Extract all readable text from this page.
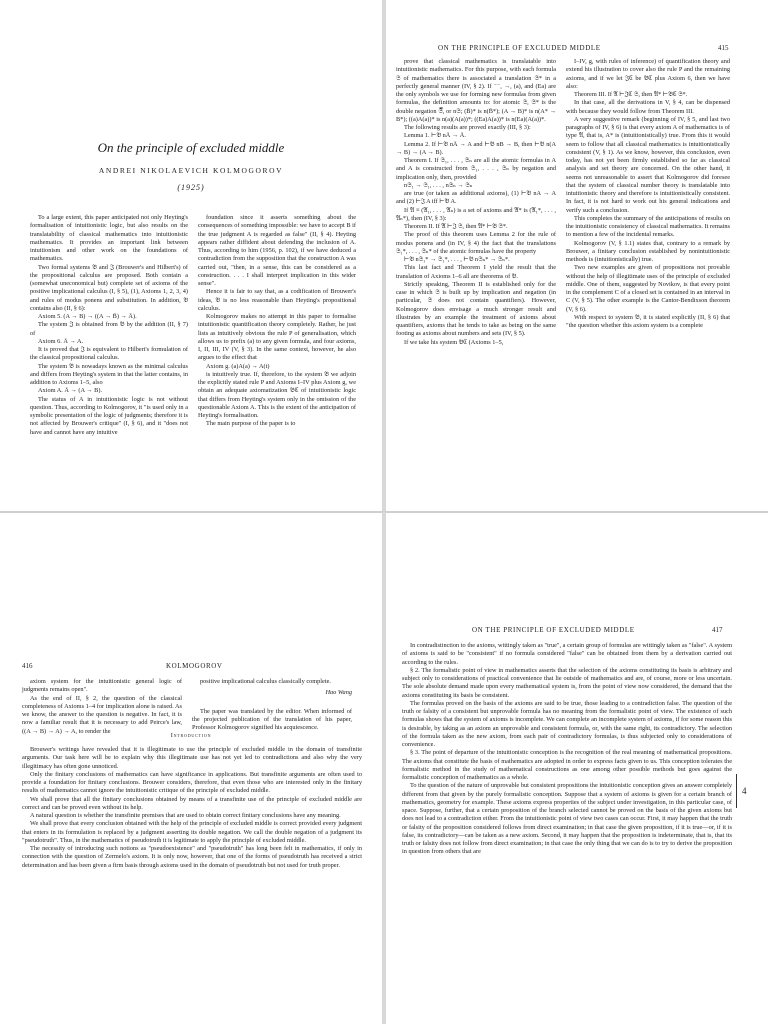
On the principle of excluded middle
ANDREI NIKOLAEVICH KOLMOGOROV
(1925)

To a large extent, this paper anticipated not only Heyting's formalisation of intuitionistic logic, but also results on the translatability of classical mathematics into intuitionistic mathematics. It provides an important link between intuitionism and other work on the foundations of mathematics.

Two formal systems 𝔅 and 𝔍 (Brouwer's and Hilbert's) of the propositional calculus are proposed. Both contain a (somewhat uneconomical but) complete set of axioms of the positive implicational calculus (I, § 5), (1), Axioms 1, 2, 3, 4) and rules of modus ponens and substitution. In addition, 𝔅 contains also (II, § 6):

Axiom 5. (A → B) → ((A → B̄) → Ā).

The system 𝔍 is obtained from 𝔅 by the addition (II, § 7) of

Axiom 6. Ā → A.

It is proved that 𝔍 is equivalent to Hilbert's formulation of the classical propositional calculus.

The system 𝔅 is nowadays known as the minimal calculus and differs from Heyting's system in that the latter contains, in addition to Axioms 1–5, also

Axiom A. Ā → (A → B).

The status of A in intuitionistic logic is not without question. Thus, according to Kolmogorov, it "is used only in a symbolic presentation of the logic of judgments; therefore it is not affected by Brouwer's critique" (I, § 6), and it "does not have and cannot have any intuitive

foundation since it asserts something about the consequences of something impossible: we have to accept B if the true judgment A is regarded as false" (II, § 4). Heyting appears rather diffident about defending the inclusion of A. Thus, according to him (1956, p. 102), if we have deduced a contradiction from the supposition that the construction A was carried out, "then, in a sense, this can be considered as a construction. . . . I shall interpret implication in this wider sense".

Hence it is fair to say that, as a codification of Brouwer's ideas, 𝔅 is no less reasonable than Heyting's propositional calculus.

Kolmogorov makes no attempt in this paper to formalise intuitionistic quantification theory completely. Rather, he just lists as intuitively obvious the rule P of generalisation, which allows us to prefix (a) to any given formula, and four axioms, I, II, III, IV (V, § 3). In the same context, however, he also argues to the effect that

Axiom g. (a)A(a) → A(t)

is intuitively true. If, therefore, to the system 𝔅 we adjoin the explicitly stated rule P and Axioms I–IV plus Axiom g, we obtain an adequate axiomatization 𝔅ℭ of intuitionistic logic that differs from Heyting's system only in the omission of the questionable Axiom A. This is the extent of the anticipation of Heyting's formalisation.

The main purpose of the paper is to

ON THE PRINCIPLE OF EXCLUDED MIDDLE	415

prove that classical mathematics is translatable into intuitionistic mathematics. For this purpose, with each formula 𝔖 of mathematics there is associated a translation 𝔖* in a perfectly general manner (IV, § 2). If ⁻⁻, →, (a), and (Ea) are the only symbols we use for forming new formulas from given formulas, the definition amounts to: for atomic 𝔖, 𝔖* is the double negation 𝔖̿, or n𝔖; (B̄)* is n(B̄*); (A → B)* is n(A* → B*); ((a)A(a))* is n(a)(A(a))*; ((Ea)A(a))* is n(Ea)(A(a))*.

The following results are proved exactly (III, § 3):

Lemma 1. ⊢𝔅 nĀ → Ā.

Lemma 2. If ⊢𝔅 nĀ → A and ⊢𝔅 nB → B, then ⊢𝔅 n(A → B) → (A → B).

Theorem I. If 𝔖₁, . . . , 𝔖ₙ are all the atomic formulas in A and A is constructed from 𝔖₁, . . . , 𝔖ₙ by negation and implication only, then, provided

n𝔖₁ → 𝔖₁, . . . , n𝔖ₙ → 𝔖ₙ

are true (or taken as additional axioms), (1) ⊢𝔅 nA → A and (2) ⊢𝔍 A iff ⊢𝔅 A.

If 𝔄 ≡ (𝔄₁, . . . , 𝔄ₙ) is a set of axioms and 𝔄* is (𝔄₁*, . . . , 𝔄ₙ*), then (IV, § 3):

Theorem II. If 𝔄 ⊢𝔍 𝔖, then 𝔄* ⊢𝔅 𝔖*.

The proof of this theorem uses Lemma 2 for the rule of modus ponens and (in IV, § 4) the fact that the translations 𝔖₁*, . . . , 𝔖ₙ* of the atomic formulas have the property

⊢𝔅 n𝔖₁* → 𝔖₁*, . . . , ⊢𝔅 n𝔖ₙ* → 𝔖ₙ*.

This last fact and Theorem I yield the result that the translation of Axioms 1–6 all are theorems of 𝔅.

Strictly speaking, Theorem II is established only for the case in which 𝔖 is built up by implication and negation (in particular, 𝔖 does not contain quantifiers). However, Kolmogorov does envisage a much stronger result and illustrates by an example the treatment of axioms about quantifiers, axioms that he tends to take as being on the same footing as axioms about numbers and sets (IV, § 5).

If we take his system 𝔅ℭ (Axioms 1–5,

I–IV, g, with rules of inference) of quantification theory and extend his illustration to cover also the rule P and the remaining axioms, and if we let 𝔍ℭ be 𝔅ℭ plus Axiom 6, then we have also:

Theorem III. If 𝔄 ⊢𝔍ℭ 𝔖, then 𝔄* ⊢𝔅ℭ 𝔖*.

In that case, all the derivations in V, § 4, can be dispensed with because they would follow from Theorem III.

A very suggestive remark (beginning of IV, § 5, and last two paragraphs of IV, § 6) is that every axiom A of mathematics is of type 𝔄, that is, A* is (intuitionistically) true. From this it would seem to follow that all classical mathematics is intuitionistically consistent (V, § 1). As we know, however, this conclusion, even today, has not yet been firmly established so far as classical analysis and set theory are concerned. On the other hand, it seems not unreasonable to assert that Kolmogorov did foresee that the system of classical number theory is translatable into intuitionistic theory and therefore is intuitionistically consistent. In fact, it is not hard to work out his general indications and verify such a conclusion.

This completes the summary of the anticipations of results on the intuitionistic consistency of classical mathematics. It remains to mention a few of the incidental remarks.

Kolmogorov (V, § 1.1) states that, contrary to a remark by Brouwer, a finitary conclusion established by nonintuitionistic methods is (intuitionistically) true.

Two new examples are given of propositions not provable without the help of illegitimate uses of the principle of excluded middle. One of them, suggested by Novikov, is that every point in the complement C of a closed set is contained in an interval in C (V, § 5). The other example is the Cantor-Bendixson theorem (V, § 6).

With respect to system 𝔅, it is stated explicitly (II, § 6) that "the question whether this axiom system is a complete

416	KOLMOGOROV

axiom system for the intuitionistic general logic of judgments remains open".

As the end of II, § 2, the question of the classical completeness of Axioms 1–4 for implication alone is raised. As we know, the answer to the question is negative. In fact, it is now a familiar result that it is necessary to add Peirce's law, ((A → B) → A) → A, to render the

positive implicational calculus classically complete.

Hao Wang

The paper was translated by the editor. When informed of the projected publication of the translation of his paper, Professor Kolmogorov signified his acquiescence.

Introduction

Brouwer's writings have revealed that it is illegitimate to use the principle of excluded middle in the domain of transfinite arguments. Our task here will be to explain why this illegitimate use has not yet led to contradictions and also why the very illegitimacy has often gone unnoticed.

Only the finitary conclusions of mathematics can have significance in applications. But transfinite arguments are often used to provide a foundation for finitary conclusions. Brouwer considers, therefore, that even those who are interested only in the finitary results of mathematics cannot ignore the intuitionistic critique of the principle of excluded middle.

We shall prove that all the finitary conclusions obtained by means of a transfinite use of the principle of excluded middle are correct and can be proved even without its help.

A natural question is whether the transfinite premises that are used to obtain correct finitary conclusions have any meaning.

We shall prove that every conclusion obtained with the help of the principle of excluded middle is correct provided every judgment that enters in its formulation is replaced by a judgment asserting its double negation. We call the double negation of a judgment its "pseudotruth". Thus, in the mathematics of pseudotruth it is legitimate to apply the principle of excluded middle.

The necessity of introducing such notions as "pseudoexistence" and "pseudotruth" has long been felt in mathematics, if only in connection with the question of Zermelo's axiom. It is only now, however, that one of the forms of pseudotruth has received a strict determination and has been given a firm basis through axioms used in the domain of pseudotruth but not used for truth proper.

ON THE PRINCIPLE OF EXCLUDED MIDDLE	417

In contradistinction to the axioms, wittingly taken as "true", a certain group of formulas are wittingly taken as "false". A system of axioms is said to be "consistent" if no formula considered "false" can be obtained from them by a derivation carried out according to the rules.

§ 2. The formalistic point of view in mathematics asserts that the selection of the axioms constituting its basis is arbitrary and subject only to considerations of practical convenience that lie outside of mathematics and are, of course, more or less uncertain. The sole absolute demand made upon every mathematical system is, from the point of view now considered, the demand that the axioms constituting its basis be consistent.

The formulas proved on the basis of the axioms are said to be true, those leading to a contradiction false. The question of the truth or falsity of a consistent but unprovable formula has no meaning from the formalistic point of view. The existence of such formulas shows that the system of axioms is incomplete. We can complete an incomplete system of axioms, if for some reason this is desirable, by taking as an axiom an unprovable and consistent formula, or, with the same right, its contradictory. The selection of the formula taken as the new axiom, from each pair of contradictory formulas, is thus subjected only to considerations of convenience.

§ 3. The point of departure of the intuitionistic conception is the recognition of the real meaning of mathematical propositions. The axioms that constitute the basis of mathematics are adopted in order to express facts given to us. This conception tolerates the formalistic method in the study of mathematical constructions as one among other possible methods but goes against the formalistic conception of mathematics as a whole.

To the question of the nature of unprovable but consistent propositions the intuitionistic conception gives an answer completely different from that given by the purely formalistic conception. Suppose that a system of axioms is given for a certain branch of mathematics, geometry for example. These axioms express properties of the subject under investigation, in this particular case, of space. Suppose, further, that a certain proposition of the branch selected cannot be proved on the basis of the given axioms but does not lead to a contradiction either. From the intuitionistic point of view two cases can occur. First, it may happen that the truth or falsity of the proposition considered follows from direct examination; in that case the given proposition, if it is true—or, if it is false, its contradictory—can be taken as a new axiom. Second, it may happen that the proposition is indeterminate, that is, that its truth or falsity does not follow from direct examination; in that case the only thing that we can do is to try to derive the proposition in question from others that are

4
